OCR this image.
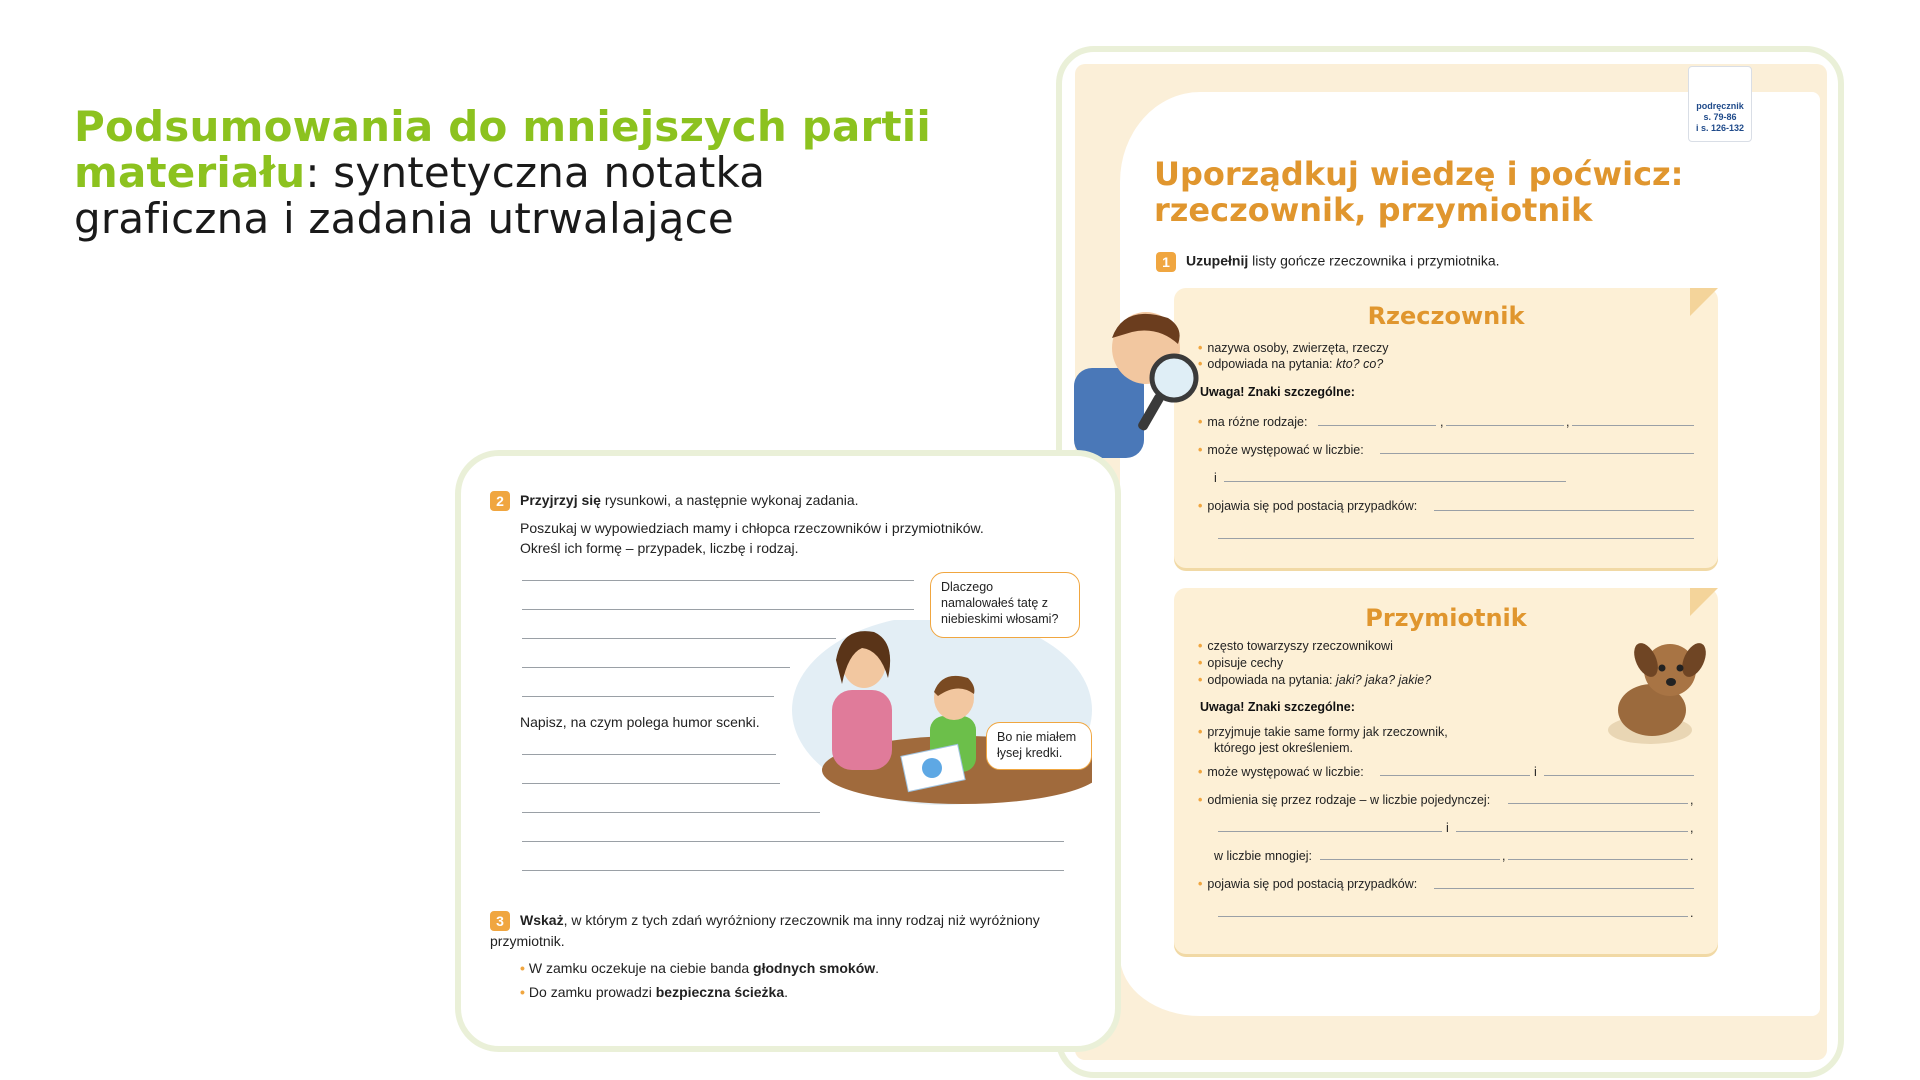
Podsumowania do mniejszych partii materiału: syntetyczna notatka graficzna i zadania utrwalające
podręcznik
s. 79-86
i s. 126-132
Uporządkuj wiedzę i poćwicz:
rzeczownik, przymiotnik
1 Uzupełnij listy gończe rzeczownika i przymiotnika.
Rzeczownik
• nazywa osoby, zwierzęta, rzeczy
• odpowiada na pytania: kto? co?
Uwaga! Znaki szczególne:
• ma różne rodzaje:	,	,
• może występować w liczbie:
i
• pojawia się pod postacią przypadków:
Przymiotnik
• często towarzyszy rzeczownikowi
• opisuje cechy
• odpowiada na pytania: jaki? jaka? jakie?
Uwaga! Znaki szczególne:
• przyjmuje takie same formy jak rzeczownik,
którego jest określeniem.
• może występować w liczbie:	i
• odmienia się przez rodzaje – w liczbie pojedynczej:	,
i	,
w liczbie mnogiej:	,	.
• pojawia się pod postacią przypadków:
.
2 Przyjrzyj się rysunkowi, a następnie wykonaj zadania.
Poszukaj w wypowiedziach mamy i chłopca rzeczowników i przymiotników.
Określ ich formę – przypadek, liczbę i rodzaj.
Napisz, na czym polega humor scenki.
Dlaczego namalowałeś tatę z niebieskimi włosami?
Bo nie miałem łysej kredki.
3 Wskaż, w którym z tych zdań wyróżniony rzeczownik ma inny rodzaj niż wyróżniony przymiotnik.
• W zamku oczekuje na ciebie banda głodnych smoków.
• Do zamku prowadzi bezpieczna ścieżka.
